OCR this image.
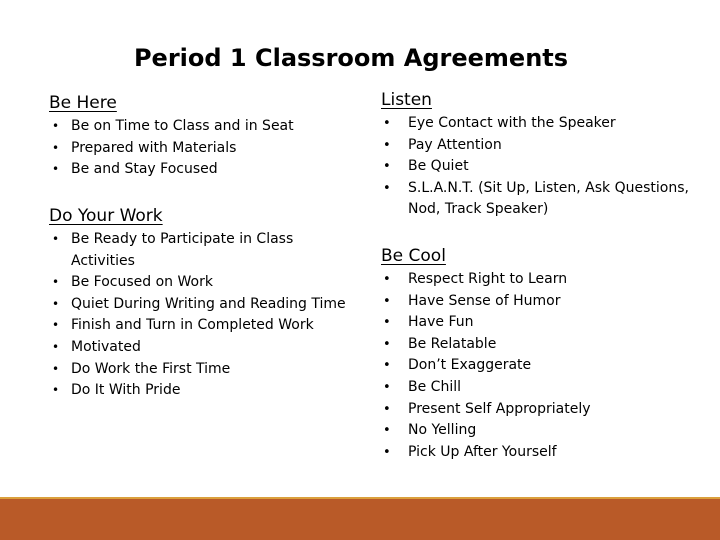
Period 1 Classroom Agreements
Be Here
• Be on Time to Class and in Seat
• Prepared with Materials
• Be and Stay Focused
Do Your Work
• Be Ready to Participate in Class Activities
• Be Focused on Work
• Quiet During Writing and Reading Time
• Finish and Turn in Completed Work
• Motivated
• Do Work the First Time
• Do It With Pride
Listen
• Eye Contact with the Speaker
• Pay Attention
• Be Quiet
• S.L.A.N.T. (Sit Up, Listen, Ask Questions, Nod, Track Speaker)
Be Cool
• Respect Right to Learn
• Have Sense of Humor
• Have Fun
• Be Relatable
• Don’t Exaggerate
• Be Chill
• Present Self Appropriately
• No Yelling
• Pick Up After Yourself
